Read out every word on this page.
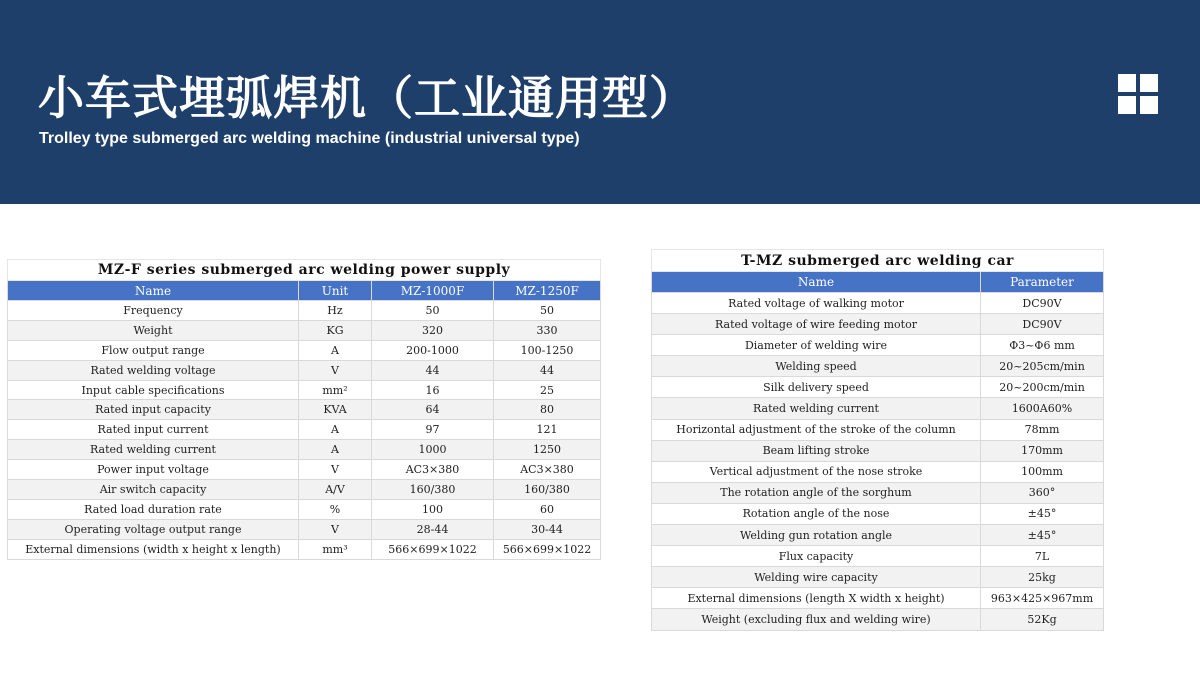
小车式埋弧焊机（工业通用型）
Trolley type submerged arc welding machine (industrial universal type)
MZ-F series submerged arc welding power supply			
Name	Unit	MZ-1000F	MZ-1250F
Frequency	Hz	50	50
Weight	KG	320	330
Flow output range	A	200-1000	100-1250
Rated welding voltage	V	44	44
Input cable specifications	mm²	16	25
Rated input capacity	KVA	64	80
Rated input current	A	97	121
Rated welding current	A	1000	1250
Power input voltage	V	AC3×380	AC3×380
Air switch capacity	A/V	160/380	160/380
Rated load duration rate	%	100	60
Operating voltage output range	V	28-44	30-44
External dimensions (width x height x length)	mm³	566×699×1022	566×699×1022
T-MZ submerged arc welding car	
Name	Parameter
Rated voltage of walking motor	DC90V
Rated voltage of wire feeding motor	DC90V
Diameter of welding wire	Φ3~Φ6 mm
Welding speed	20~205cm/min
Silk delivery speed	20~200cm/min
Rated welding current	1600A60%
Horizontal adjustment of the stroke of the column	78mm
Beam lifting stroke	170mm
Vertical adjustment of the nose stroke	100mm
The rotation angle of the sorghum	360°
Rotation angle of the nose	±45°
Welding gun rotation angle	±45°
Flux capacity	7L
Welding wire capacity	25kg
External dimensions (length X width x height)	963×425×967mm
Weight (excluding flux and welding wire)	52Kg
